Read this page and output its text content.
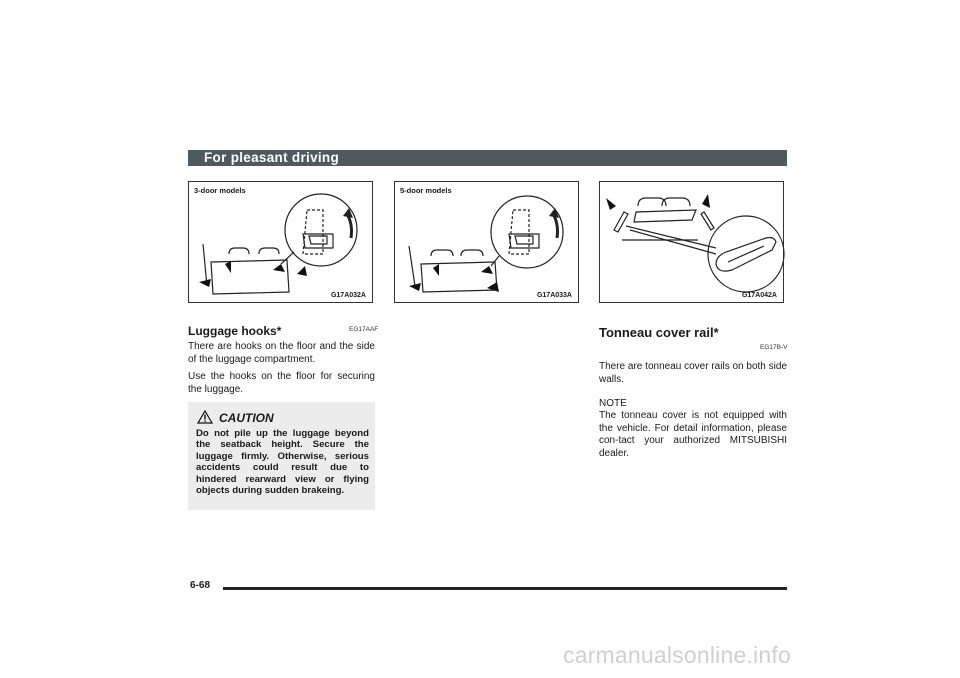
For pleasant driving
3-door models
G17A032A
5-door models
G17A033A	G17A042A
Luggage hooks*	EG17AAF
There are hooks on the floor and the side of the luggage compartment.
Use the hooks on the floor for securing the luggage.
CAUTION
Do not pile up the luggage beyond the seatback height. Secure the luggage firmly. Otherwise, serious accidents could result due to hindered rearward view or flying objects during sudden brakeing.
Tonneau cover rail*
EG17B-V
There are tonneau cover rails on both side walls.
NOTE
The tonneau cover is not equipped with the vehicle. For detail information, please con-tact your authorized MITSUBISHI dealer.
6-68
carmanualsonline.info
